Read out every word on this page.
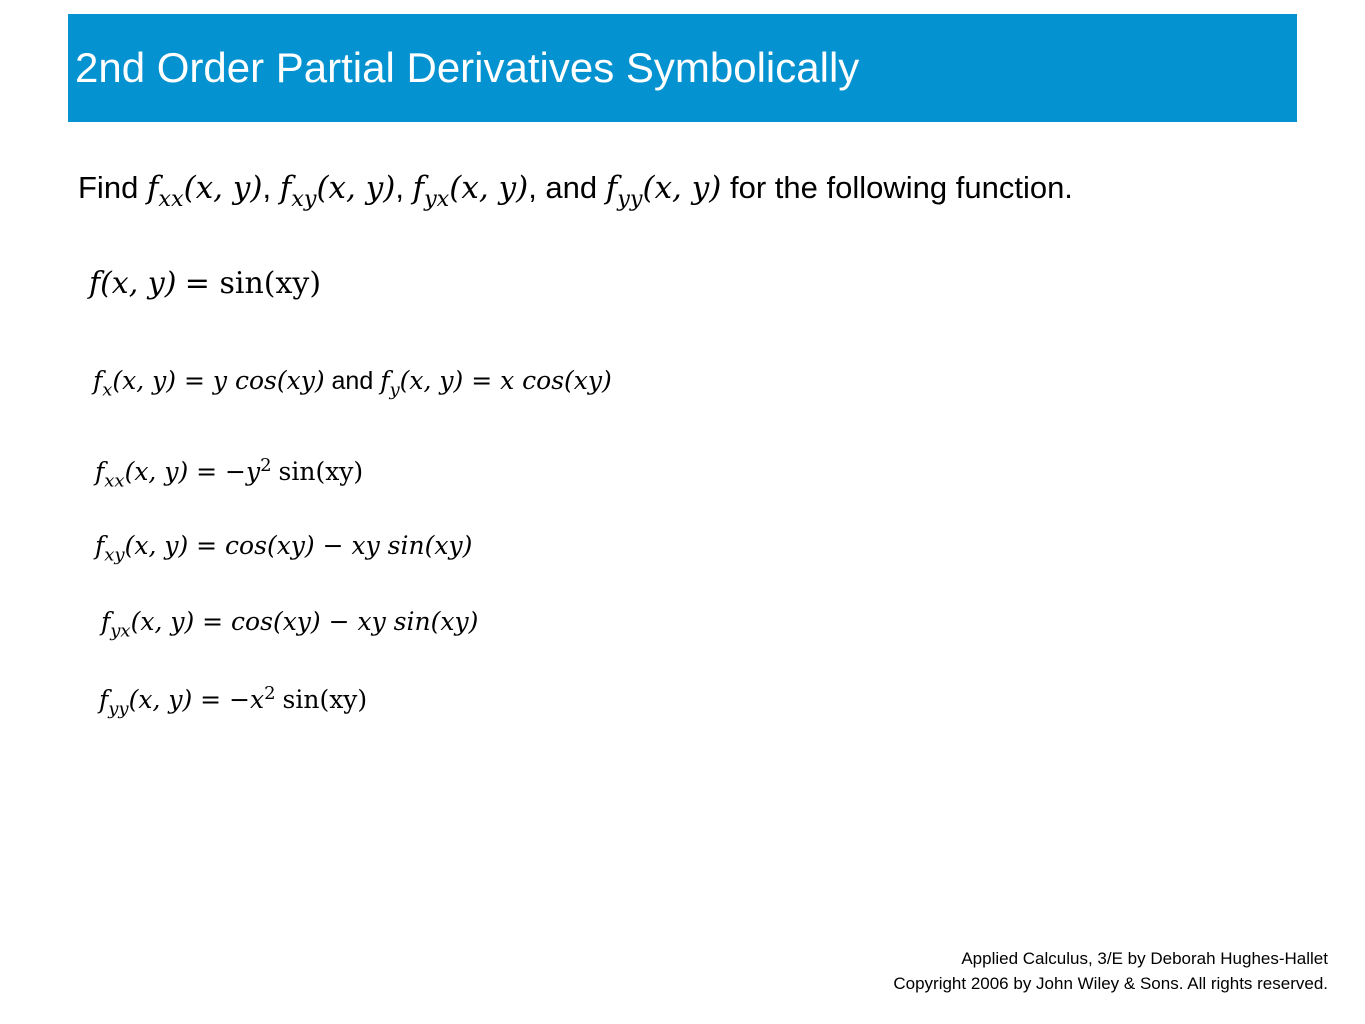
2nd Order Partial Derivatives Symbolically
Find $f_{xx}(x$, y), $f_{xy}(x$, y), $f_{yx}(x$, y), and $f_{yy}(x$, y) for the following function.
f(x, y) = sin(xy)
$f_x(x$, y) = y cos(xy) and $f_y(x$, y) = x cos(xy)
$f_{xx}(x$, $y) = -y^2$ sin(xy)
$f_{xy}(x$, y) = cos(xy) − xy sin(xy)
$f_{yx}(x$, y) = cos(xy) − xy sin(xy)
$f_{yy}(x$, $y) = -x^2$ sin(xy)
Applied Calculus, 3/E by Deborah Hughes-Hallet
Copyright 2006 by John Wiley & Sons. All rights reserved.
